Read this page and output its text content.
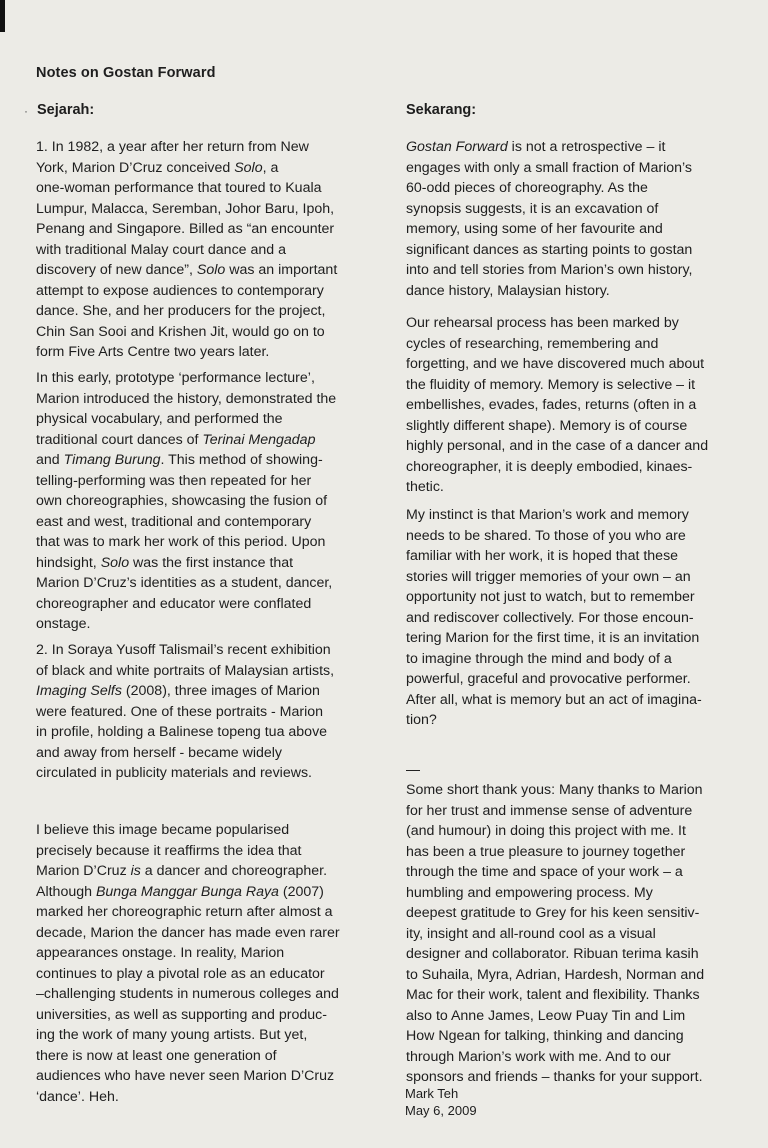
·
Notes on Gostan Forward
Sejarah:	Sekarang:
1. In 1982, a year after her return from New
York, Marion D’Cruz conceived Solo, a
one-woman performance that toured to Kuala
Lumpur, Malacca, Seremban, Johor Baru, Ipoh,
Penang and Singapore. Billed as “an encounter
with traditional Malay court dance and a
discovery of new dance”, Solo was an important
attempt to expose audiences to contemporary
dance. She, and her producers for the project,
Chin San Sooi and Krishen Jit, would go on to
form Five Arts Centre two years later.
In this early, prototype ‘performance lecture’,
Marion introduced the history, demonstrated the
physical vocabulary, and performed the
traditional court dances of Terinai Mengadap
and Timang Burung. This method of showing-
telling-performing was then repeated for her
own choreographies, showcasing the fusion of
east and west, traditional and contemporary
that was to mark her work of this period. Upon
hindsight, Solo was the first instance that
Marion D’Cruz’s identities as a student, dancer,
choreographer and educator were conflated
onstage.
2. In Soraya Yusoff Talismail’s recent exhibition
of black and white portraits of Malaysian artists,
Imaging Selfs (2008), three images of Marion
were featured. One of these portraits - Marion
in profile, holding a Balinese topeng tua above
and away from herself - became widely
circulated in publicity materials and reviews.
I believe this image became popularised
precisely because it reaffirms the idea that
Marion D’Cruz is a dancer and choreographer.
Although Bunga Manggar Bunga Raya (2007)
marked her choreographic return after almost a
decade, Marion the dancer has made even rarer
appearances onstage. In reality, Marion
continues to play a pivotal role as an educator
–challenging students in numerous colleges and
universities, as well as supporting and produc-
ing the work of many young artists. But yet,
there is now at least one generation of
audiences who have never seen Marion D’Cruz
‘dance’. Heh.
Gostan Forward is not a retrospective – it
engages with only a small fraction of Marion’s
60-odd pieces of choreography. As the
synopsis suggests, it is an excavation of
memory, using some of her favourite and
significant dances as starting points to gostan
into and tell stories from Marion’s own history,
dance history, Malaysian history.
Our rehearsal process has been marked by
cycles of researching, remembering and
forgetting, and we have discovered much about
the fluidity of memory. Memory is selective – it
embellishes, evades, fades, returns (often in a
slightly different shape). Memory is of course
highly personal, and in the case of a dancer and
choreographer, it is deeply embodied, kinaes-
thetic.
My instinct is that Marion’s work and memory
needs to be shared. To those of you who are
familiar with her work, it is hoped that these
stories will trigger memories of your own – an
opportunity not just to watch, but to remember
and rediscover collectively. For those encoun-
tering Marion for the first time, it is an invitation
to imagine through the mind and body of a
powerful, graceful and provocative performer.
After all, what is memory but an act of imagina-
tion?
Some short thank yous: Many thanks to Marion
for her trust and immense sense of adventure
(and humour) in doing this project with me. It
has been a true pleasure to journey together
through the time and space of your work – a
humbling and empowering process. My
deepest gratitude to Grey for his keen sensitiv-
ity, insight and all-round cool as a visual
designer and collaborator. Ribuan terima kasih
to Suhaila, Myra, Adrian, Hardesh, Norman and
Mac for their work, talent and flexibility. Thanks
also to Anne James, Leow Puay Tin and Lim
How Ngean for talking, thinking and dancing
through Marion’s work with me. And to our
sponsors and friends – thanks for your support.
Mark Teh
May 6, 2009
